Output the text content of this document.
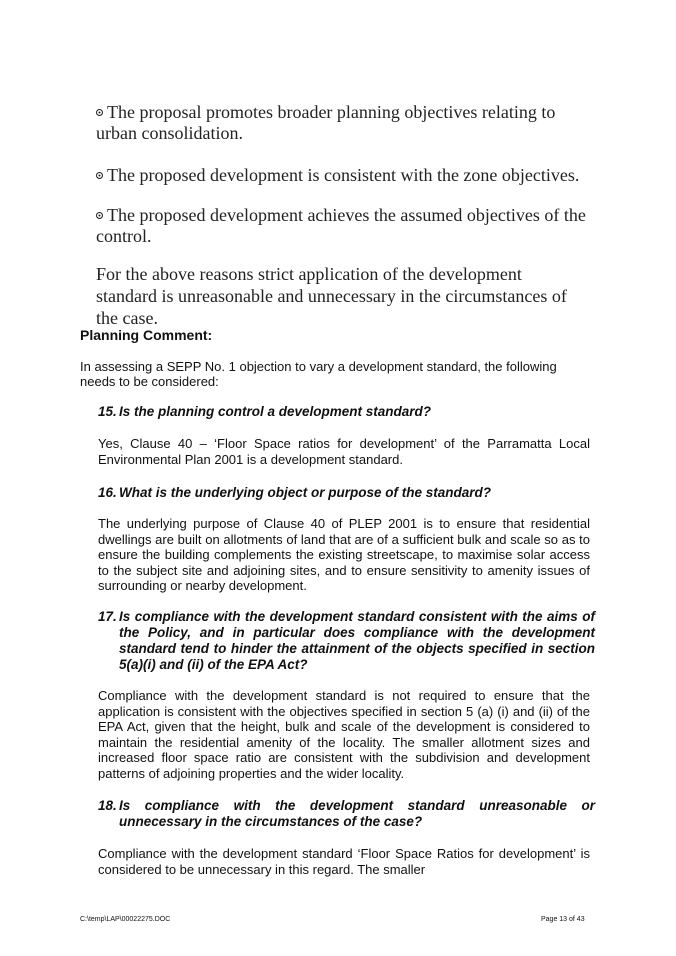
The proposal promotes broader planning objectives relating to urban consolidation.
The proposed development is consistent with the zone objectives.
The proposed development achieves the assumed objectives of the control.
For the above reasons strict application of the development standard is unreasonable and unnecessary in the circumstances of the case.
Planning Comment:
In assessing a SEPP No. 1 objection to vary a development standard, the following needs to be considered:
15. Is the planning control a development standard?
Yes, Clause 40 – ‘Floor Space ratios for development’ of the Parramatta Local Environmental Plan 2001 is a development standard.
16. What is the underlying object or purpose of the standard?
The underlying purpose of Clause 40 of PLEP 2001 is to ensure that residential dwellings are built on allotments of land that are of a sufficient bulk and scale so as to ensure the building complements the existing streetscape, to maximise solar access to the subject site and adjoining sites, and to ensure sensitivity to amenity issues of surrounding or nearby development.
17. Is compliance with the development standard consistent with the aims of the Policy, and in particular does compliance with the development standard tend to hinder the attainment of the objects specified in section 5(a)(i) and (ii) of the EPA Act?
Compliance with the development standard is not required to ensure that the application is consistent with the objectives specified in section 5 (a) (i) and (ii) of the EPA Act, given that the height, bulk and scale of the development is considered to maintain the residential amenity of the locality. The smaller allotment sizes and increased floor space ratio are consistent with the subdivision and development patterns of adjoining properties and the wider locality.
18. Is compliance with the development standard unreasonable or unnecessary in the circumstances of the case?
Compliance with the development standard ‘Floor Space Ratios for development’ is considered to be unnecessary in this regard. The smaller
C:\temp\LAP\00022275.DOC	Page 13 of 43
